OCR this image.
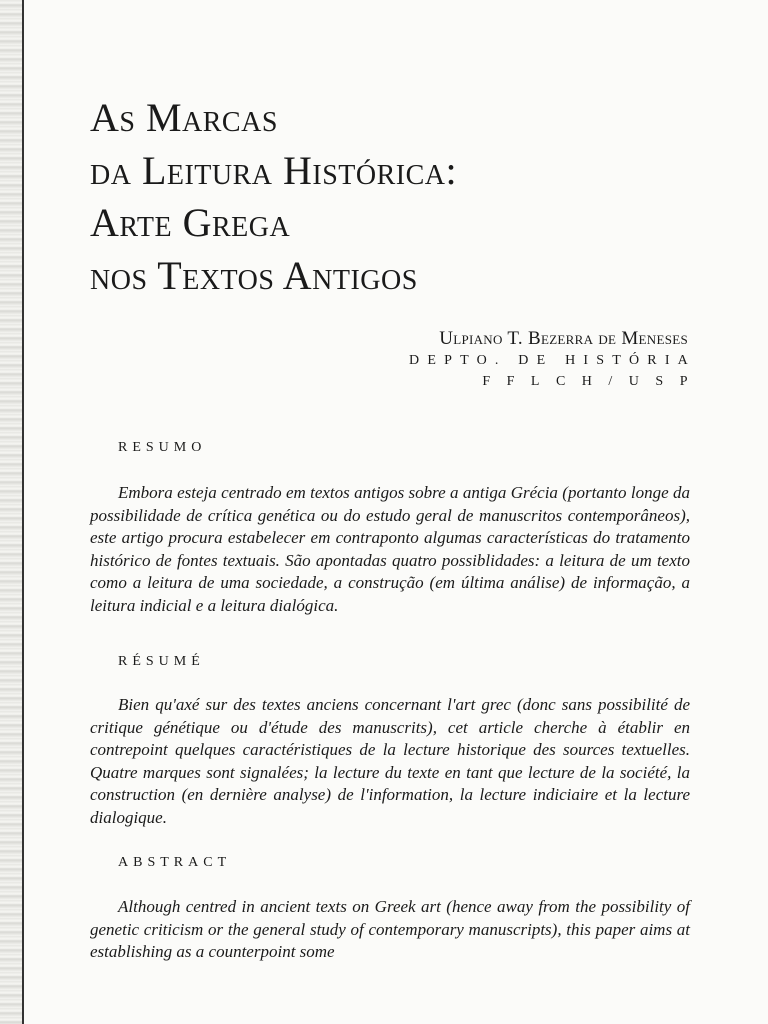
As Marcas
da Leitura Histórica:
Arte Grega
nos Textos Antigos
Ulpiano T. Bezerra de Meneses
DEPTO. DE HISTÓRIA
FFLCH/USP
RESUMO

Embora esteja centrado em textos antigos sobre a antiga Grécia (portanto longe da possibilidade de crítica genética ou do estudo geral de manuscritos contemporâneos), este artigo procura estabelecer em contraponto algumas características do tratamento histórico de fontes textuais. São apontadas quatro possiblidades: a leitura de um texto como a leitura de uma sociedade, a construção (em última análise) de informação, a leitura indicial e a leitura dialógica.

RÉSUMÉ

Bien qu'axé sur des textes anciens concernant l'art grec (donc sans possibilité de critique génétique ou d'étude des manuscrits), cet article cherche à établir en contrepoint quelques caractéristiques de la lecture historique des sources textuelles. Quatre marques sont signalées; la lecture du texte en tant que lecture de la société, la construction (en dernière analyse) de l'information, la lecture indiciaire et la lecture dialogique.

ABSTRACT

Although centred in ancient texts on Greek art (hence away from the possibility of genetic criticism or the general study of contemporary manuscripts), this paper aims at establishing as a counterpoint some
